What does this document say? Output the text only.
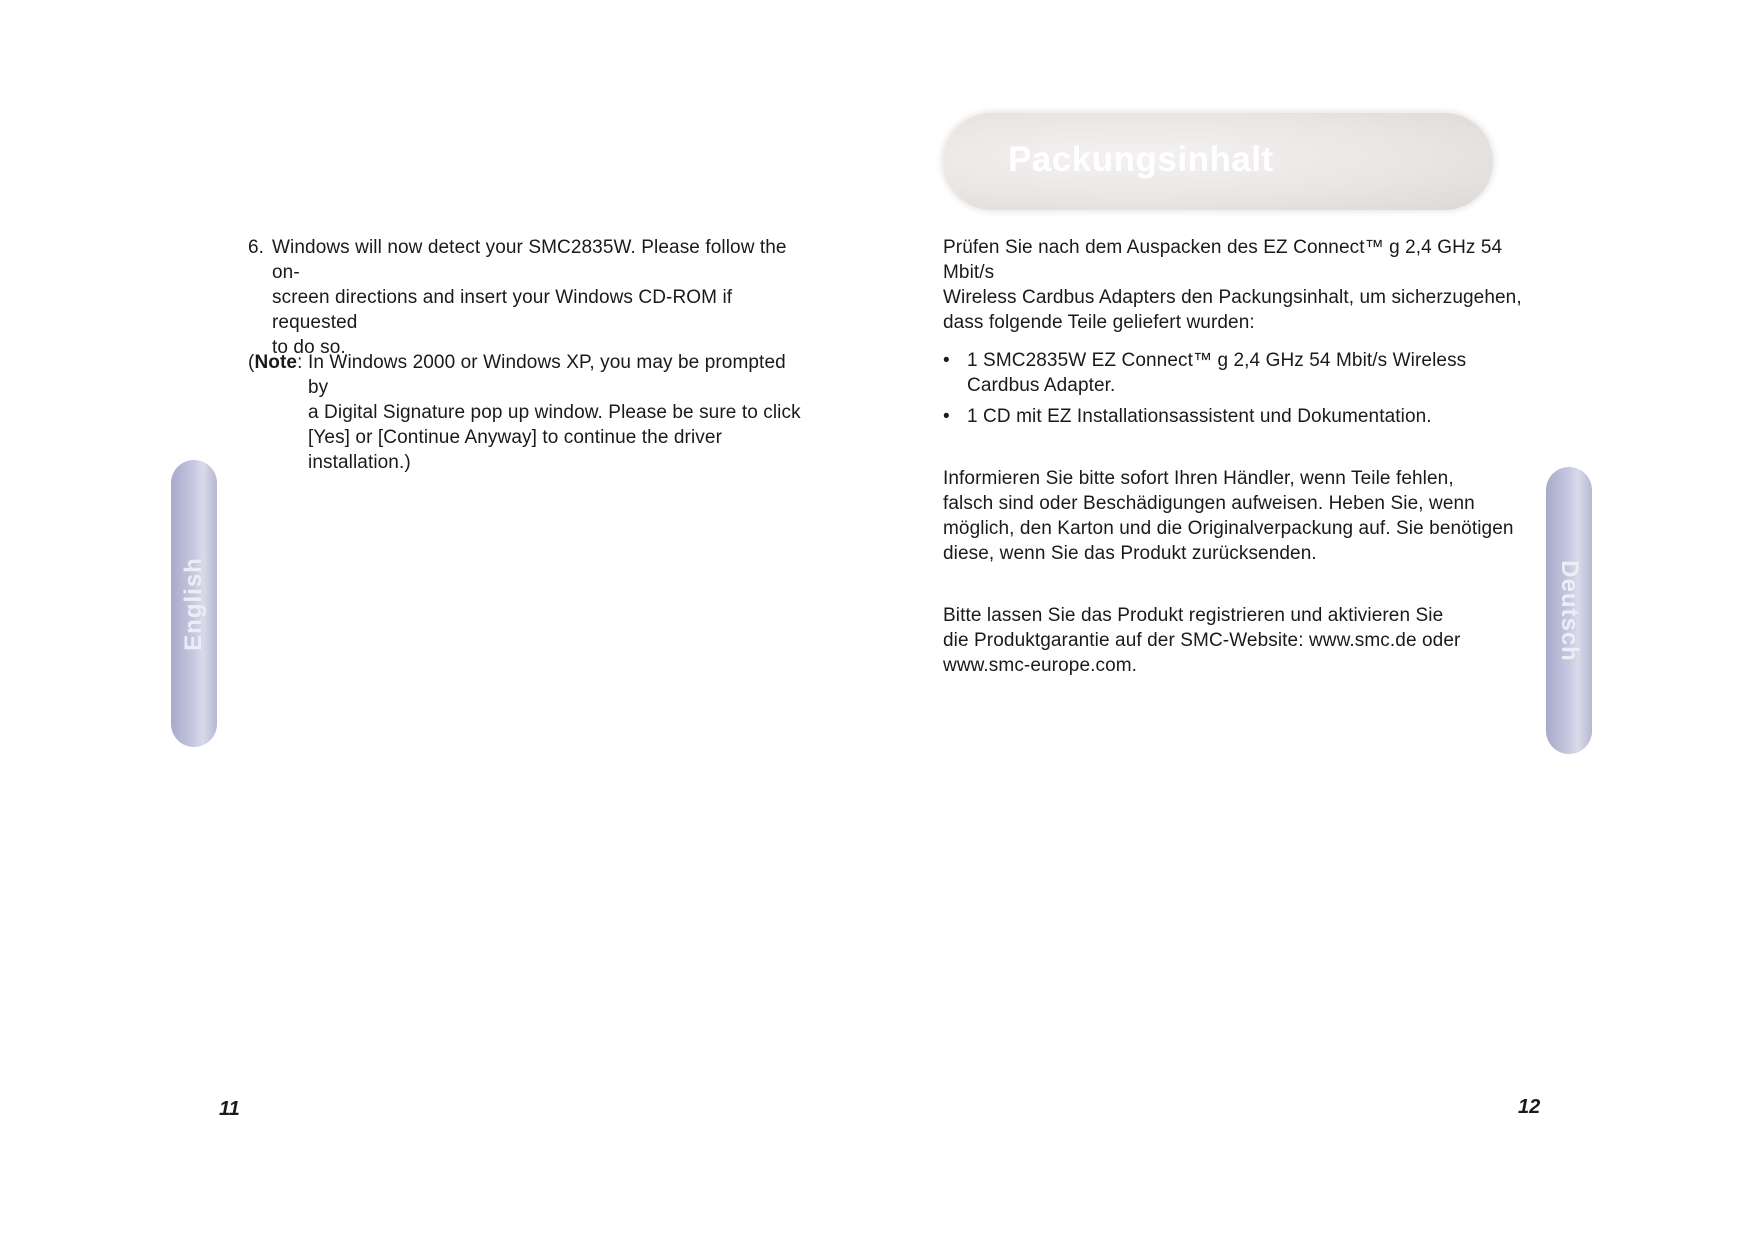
6. Windows will now detect your SMC2835W. Please follow the on-
screen directions and insert your Windows CD-ROM if requested
to do so.
(Note: In Windows 2000 or Windows XP, you may be prompted by
a Digital Signature pop up window. Please be sure to click
[Yes] or [Continue Anyway] to continue the driver
installation.)
English
11
Packungsinhalt
Prüfen Sie nach dem Auspacken des EZ Connect™ g 2,4 GHz 54 Mbit/s
Wireless Cardbus Adapters den Packungsinhalt, um sicherzugehen,
dass folgende Teile geliefert wurden:
• 1 SMC2835W EZ Connect™ g 2,4 GHz 54 Mbit/s Wireless
Cardbus Adapter.
• 1 CD mit EZ Installationsassistent und Dokumentation.
Informieren Sie bitte sofort Ihren Händler, wenn Teile fehlen,
falsch sind oder Beschädigungen aufweisen. Heben Sie, wenn
möglich, den Karton und die Originalverpackung auf. Sie benötigen
diese, wenn Sie das Produkt zurücksenden.
Bitte lassen Sie das Produkt registrieren und aktivieren Sie
die Produktgarantie auf der SMC-Website: www.smc.de oder
www.smc-europe.com.
Deutsch
12
